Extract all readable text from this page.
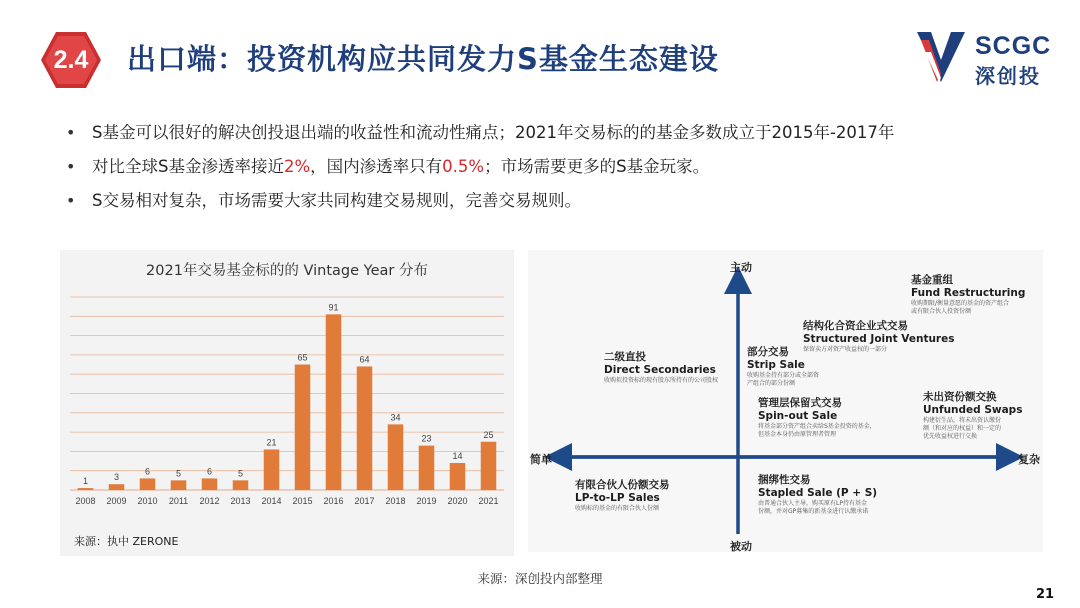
2.4	出口端：投资机构应共同发力S基金生态建设	SCGC
深创投
• S基金可以很好的解决创投退出端的收益性和流动性痛点；2021年交易标的的基金多数成立于2015年-2017年
• 对比全球S基金渗透率接近2%，国内渗透率只有0.5%；市场需要更多的S基金玩家。
• S交易相对复杂，市场需要大家共同构建交易规则，完善交易规则。
2021年交易基金标的的 Vintage Year 分布
1
2008
3
2009
6
2010
5
2011
6
2012
5
2013
21
2014
65
2015
91
2016
64
2017
34
2018
23
2019
14
2020
25
2021
来源：执中 ZERONE
主动
被动
简单	复杂
基金重组
Fund Restructuring
收购期限/衡量意愿的基金的资产组合
或有限合伙人投资份额
结构化合资企业式交易
Structured Joint Ventures
保留卖方对资产收益权的一部分
部分交易
Strip Sale
收购基金持有部分或全部资
产组合的部分份额
二级直投
Direct Secondaries
收购拟投资标的现有股东所持有的公司股权
管理层保留式交易
Spin-out Sale
将基金部分资产组合卖给S基金投资的基金，
但基金本身仍由原管理者管理
未出资份额交换
Unfunded Swaps
构建衍生品，将未出资认缴份
额（和对应的权益）和一定的
优先收益权进行交换
有限合伙人份额交易
LP-to-LP Sales
收购标的基金的有限合伙人份额
捆绑性交易
Stapled Sale (P + S)
由普通合伙人主导，购买原有LP持有基金
份额，并对GP募集的新基金进行认缴承诺
来源：深创投内部整理
21
